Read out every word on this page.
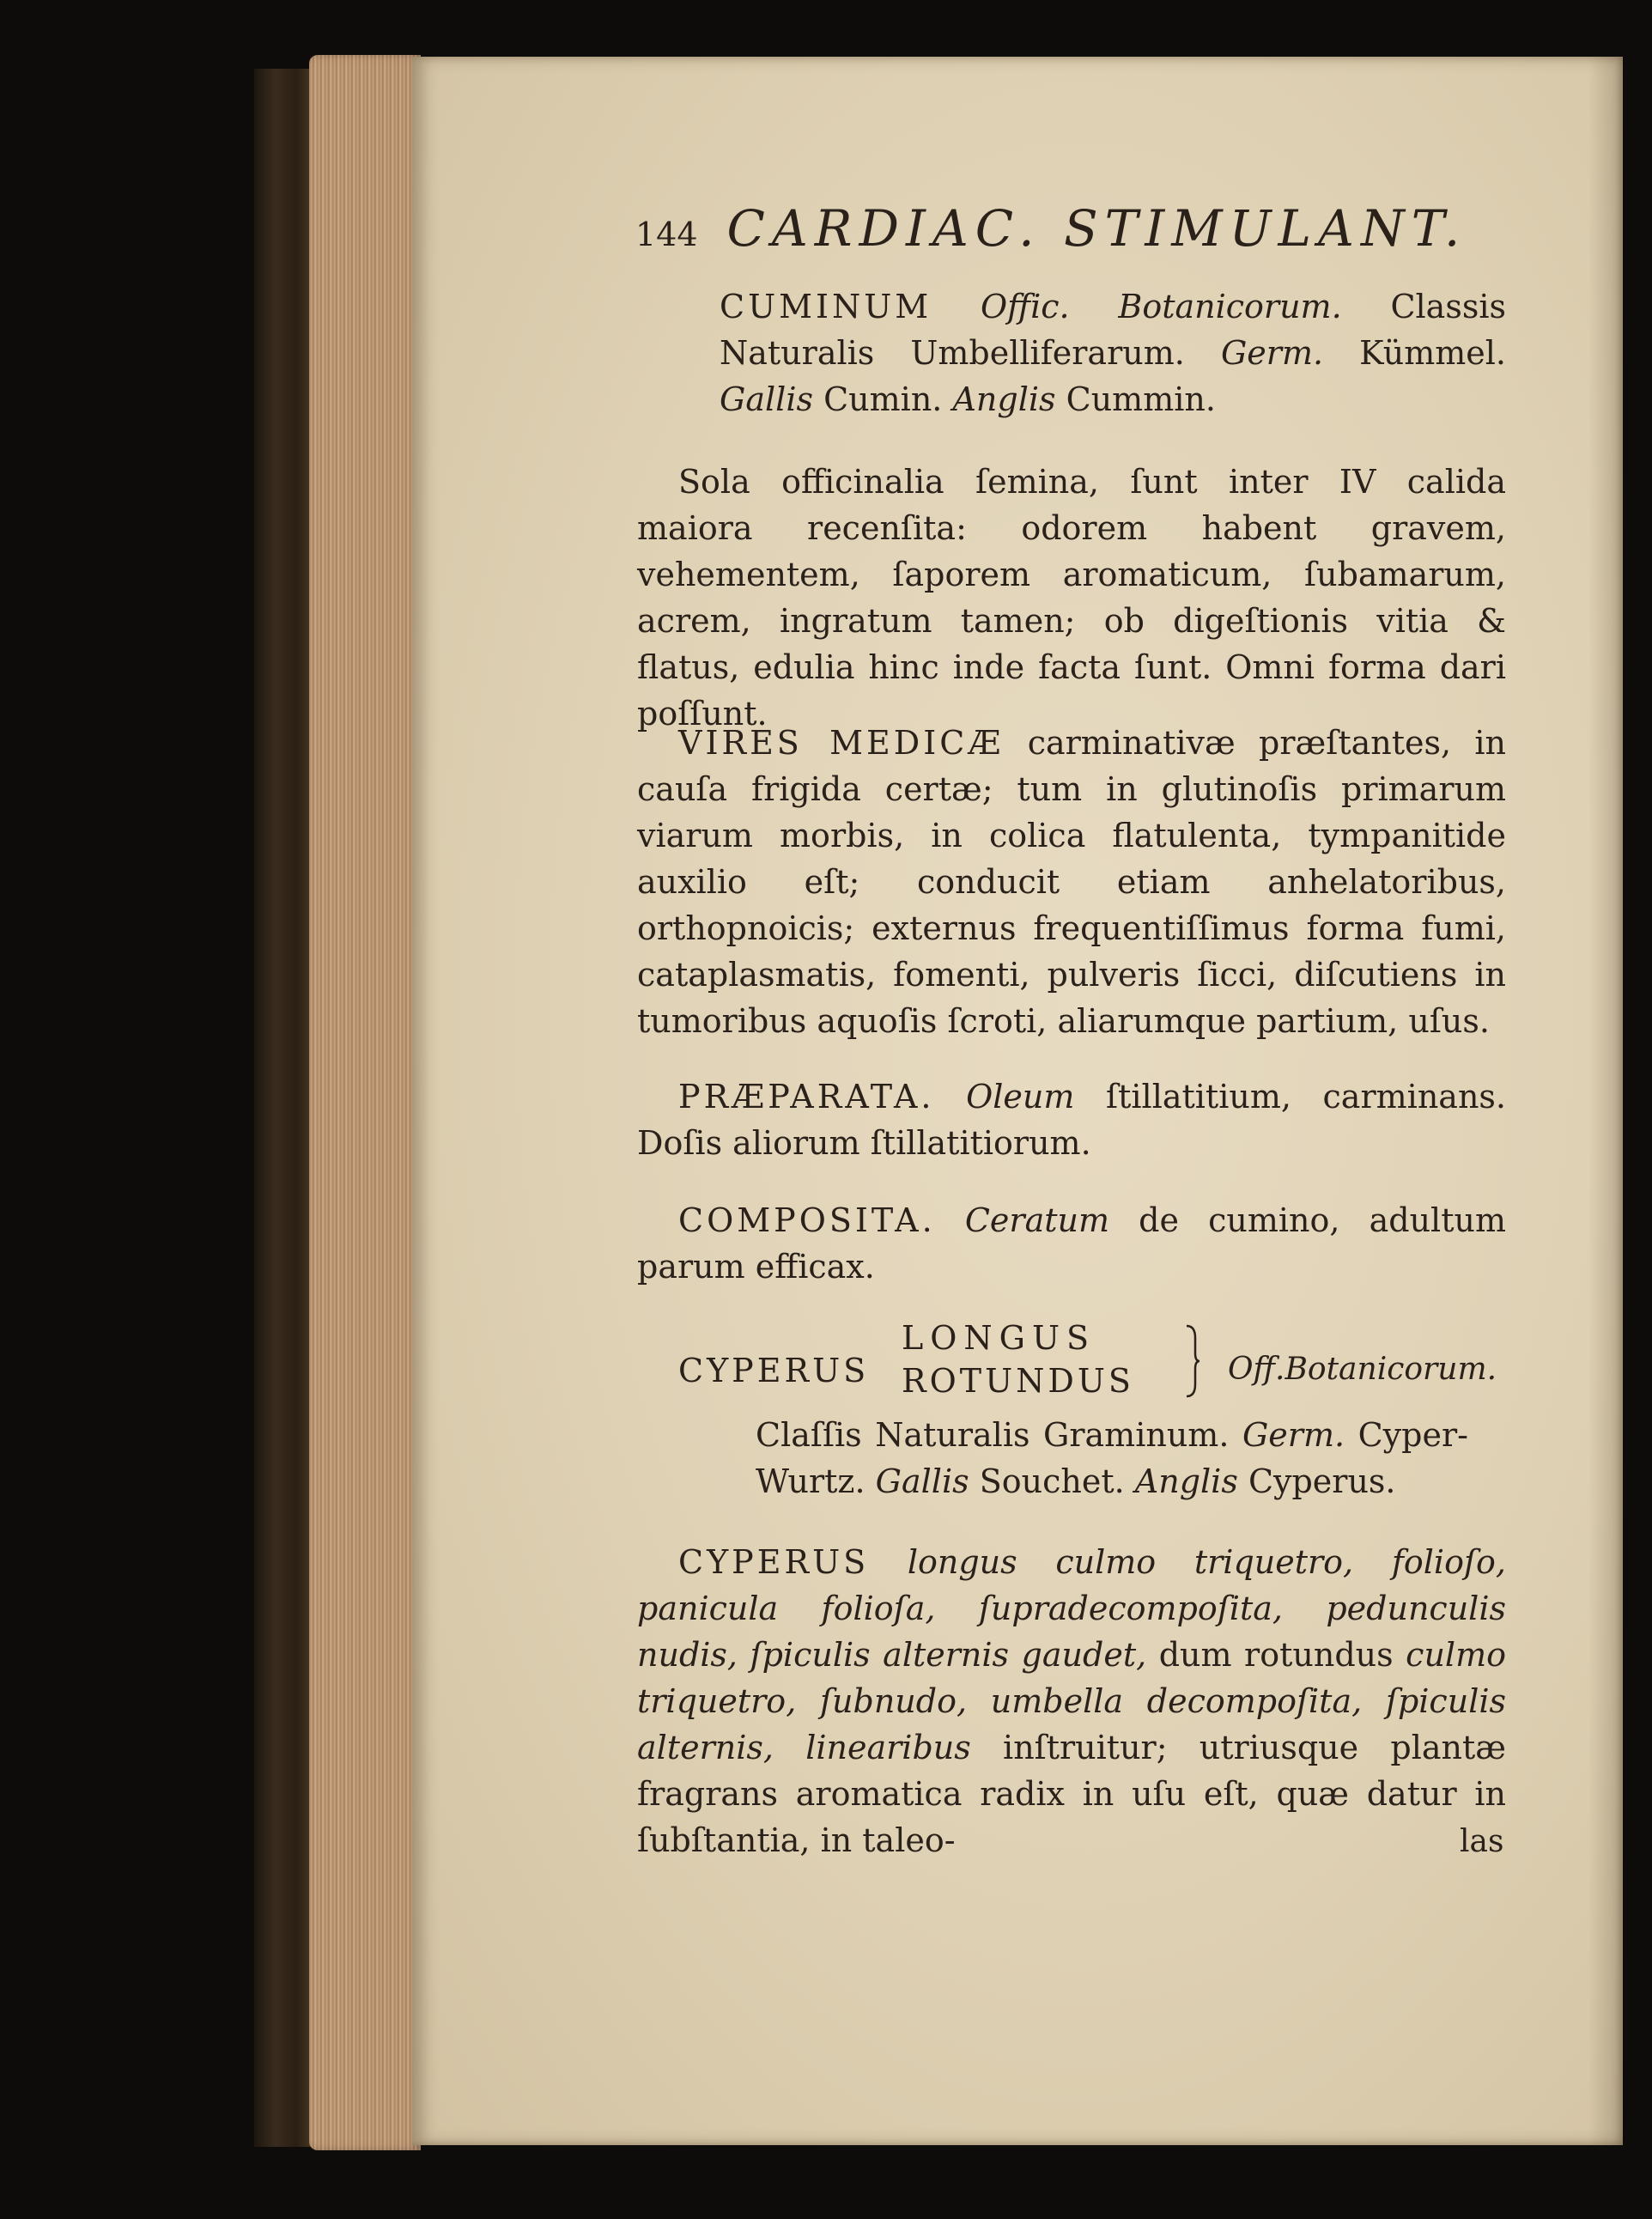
144 CARDIAC. STIMULANT.

CUMINUM Offic. Botanicorum. Classis Naturalis Umbelliferarum. Germ. Kümmel. Gallis Cumin. Anglis Cummin.

Sola officinalia ſemina, ſunt inter IV calida maiora recenſita: odorem habent gravem, vehementem, ſaporem aromaticum, ſubamarum, acrem, ingratum tamen; ob digeſtionis vitia & flatus, edulia hinc inde facta ſunt. Omni forma dari poſſunt.

VIRES MEDICÆ carminativæ præſtantes, in cauſa frigida certæ; tum in glutinoſis primarum viarum morbis, in colica flatulenta, tympanitide auxilio eſt; conducit etiam anhelatoribus, orthopnoicis; externus frequentiſſimus forma fumi, cataplasmatis, fomenti, pulveris ſicci, diſcutiens in tumoribus aquoſis ſcroti, aliarumque partium, uſus.

PRÆPARATA. Oleum ſtillatitium, carminans. Doſis aliorum ſtillatitiorum.

COMPOSITA. Ceratum de cumino, adultum parum efficax.

CYPERUS
LONGUS
ROTUNDUS	Off.Botanicorum.

Claſſis Naturalis Graminum. Germ. Cyper-Wurtz. Gallis Souchet. Anglis Cyperus.

CYPERUS longus culmo triquetro, folioſo, panicula folioſa, ſupradecompoſita, pedunculis nudis, ſpiculis alternis gaudet, dum rotundus culmo triquetro, ſubnudo, umbella decompoſita, ſpiculis alternis, linearibus inſtruitur; utriusque plantæ fragrans aromatica radix in uſu eſt, quæ datur in ſubſtantia, in taleo-	las
